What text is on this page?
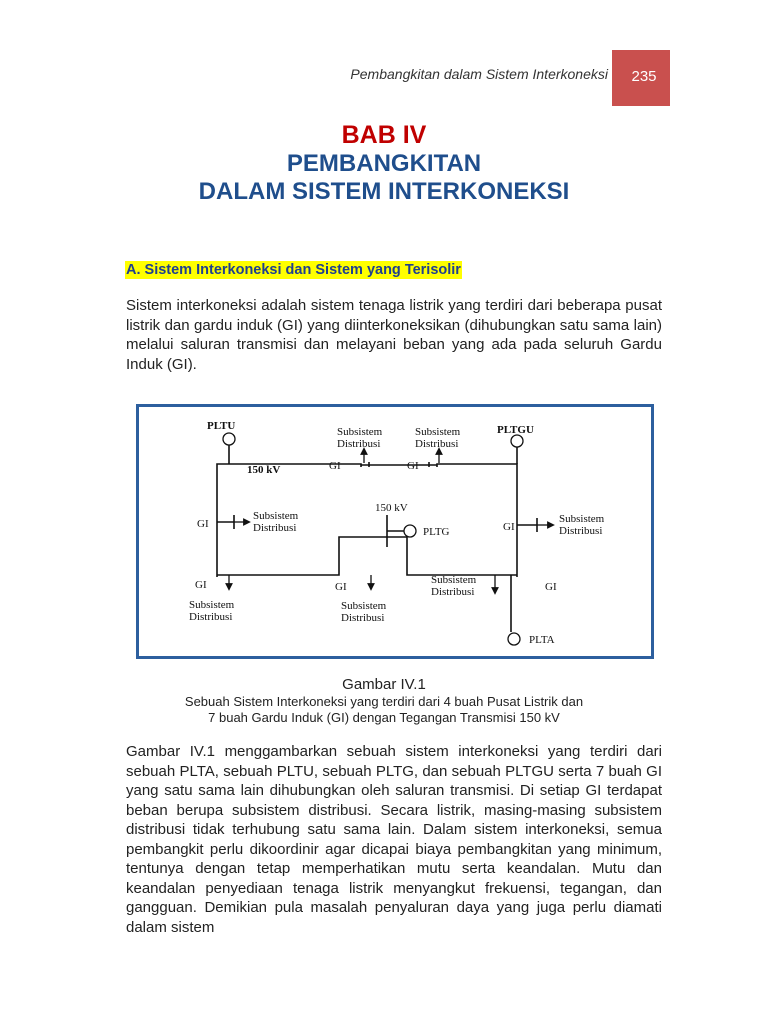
Pembangkitan dalam Sistem Interkoneksi	235
BAB IV
PEMBANGKITAN
DALAM SISTEM INTERKONEKSI
A. Sistem Interkoneksi dan Sistem yang Terisolir
Sistem interkoneksi adalah sistem tenaga listrik yang terdiri dari beberapa pusat listrik dan gardu induk (GI) yang diinterkoneksikan (dihubungkan satu sama lain) melalui saluran transmisi dan melayani beban yang ada pada seluruh Gardu Induk (GI).
PLTU	PLTGU
PLTG
PLTA
150 kV
150 kV
GI	GI
GI	GI
GI	GI	GI
Subsistem
Distribusi
Subsistem
Distribusi
Subsistem
Distribusi
Subsistem
Distribusi
Subsistem
Distribusi
Subsistem
Distribusi
Subsistem
Distribusi
Gambar IV.1
Sebuah Sistem Interkoneksi yang terdiri dari 4 buah Pusat Listrik dan
7 buah Gardu Induk (GI) dengan Tegangan Transmisi 150 kV
Gambar IV.1 menggambarkan sebuah sistem interkoneksi yang terdiri dari sebuah PLTA, sebuah PLTU, sebuah PLTG, dan sebuah PLTGU serta 7 buah GI yang satu sama lain dihubungkan oleh saluran transmisi. Di setiap GI terdapat beban berupa subsistem distribusi. Secara listrik, masing-masing subsistem distribusi tidak terhubung satu sama lain. Dalam sistem interkoneksi, semua pembangkit perlu dikoordinir agar dicapai biaya pembangkitan yang minimum, tentunya dengan tetap memperhatikan mutu serta keandalan. Mutu dan keandalan penyediaan tenaga listrik menyangkut frekuensi, tegangan, dan gangguan. Demikian pula masalah penyaluran daya yang juga perlu diamati dalam sistem
